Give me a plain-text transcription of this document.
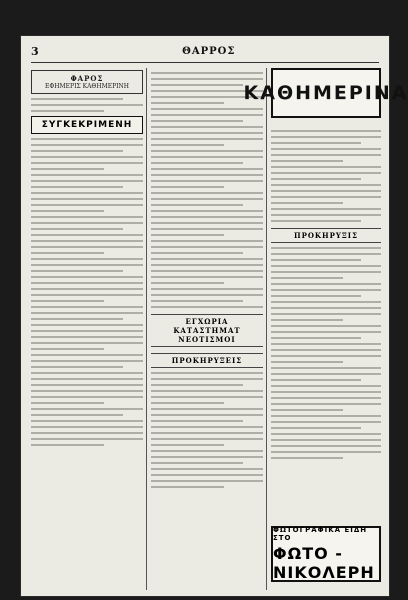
3	ΘΑΡΡΟΣ
ΦΑΡΟΣ
ΕΦΗΜΕΡΙΣ ΚΑΘΗΜΕΡΙΝΗ
ΣΥΓΚΕΚΡΙΜΕΝΗ
ΕΓΧΩΡΙΑ ΚΑΤΑΣΤΗΜΑΤ ΝΕΟΤΙΣΜΟΙ
ΠΡΟΚΗΡΥΞΕΙΣ
ΚΑΘΗΜΕΡΙΝΑ
ΠΡΟΚΗΡΥΞΙΣ
ΦΩΤΟΓΡΑΦΙΚΑ ΕΙΔΗ ΣΤΟ
ΦΩΤΟ - ΝΙΚΟΛΕΡΗ
